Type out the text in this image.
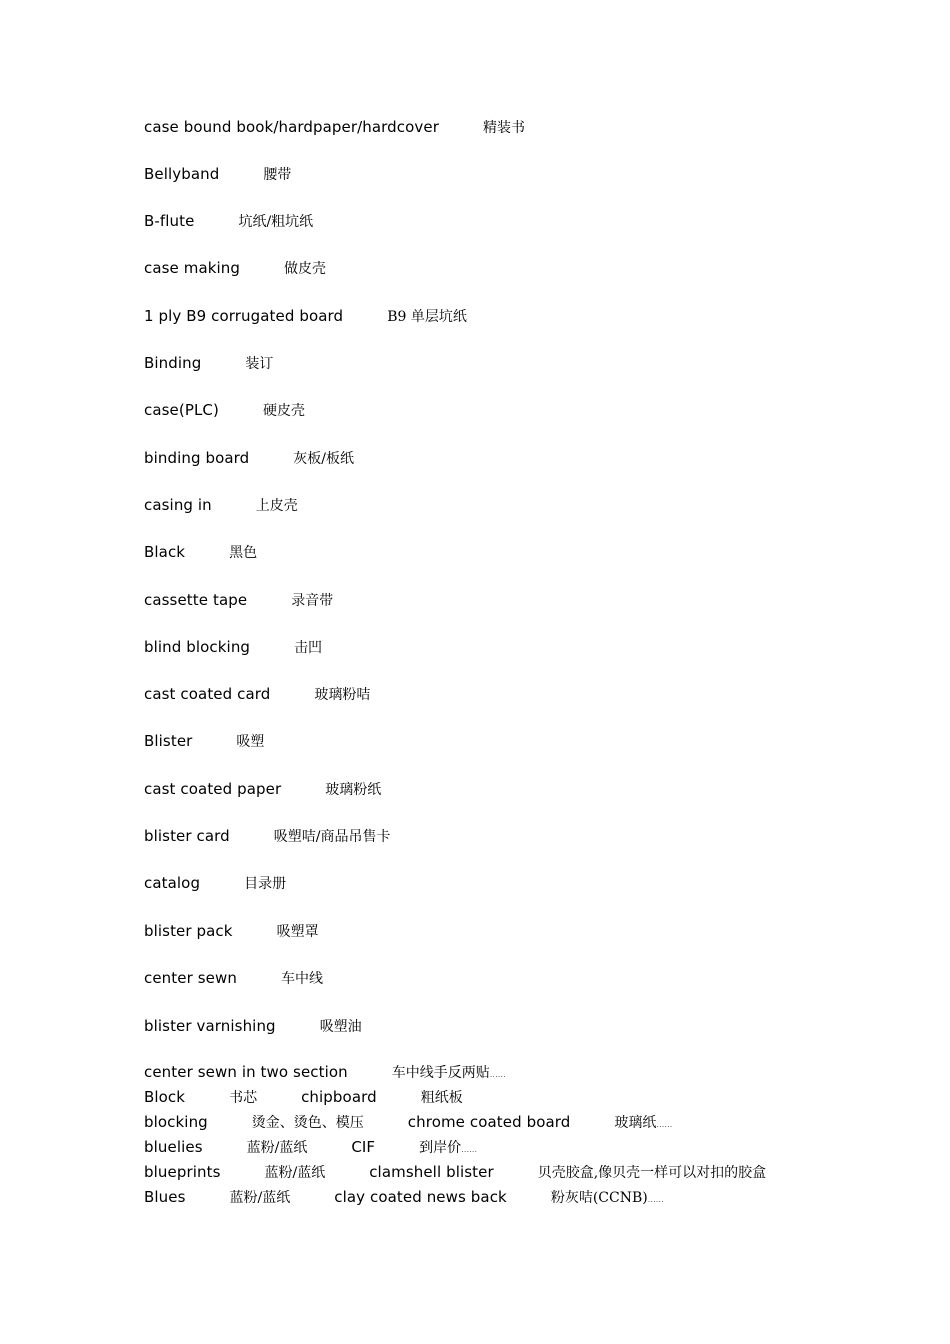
case bound book/hardpaper/hardcover	精装书
Bellyband	腰带
B-flute	坑纸/粗坑纸
case making	做皮壳
1 ply B9 corrugated board	B9 单层坑纸
Binding	装订
case(PLC)	硬皮壳
binding board	灰板/板纸
casing in	上皮壳
Black	黑色
cassette tape	录音带
blind blocking	击凹
cast coated card	玻璃粉咭
Blister	吸塑
cast coated paper	玻璃粉纸
blister card	吸塑咭/商品吊售卡
catalog	目录册
blister pack	吸塑罩
center sewn	车中线
blister varnishing	吸塑油
center sewn in two section	车中线手反两贴……
Block	书芯	chipboard	粗纸板
blocking	烫金、烫色、模压	chrome coated board	玻璃纸……
bluelies	蓝粉/蓝纸	CIF	到岸价……
blueprints	蓝粉/蓝纸	clamshell blister	贝壳胶盒,像贝壳一样可以对扣的胶盒
Blues	蓝粉/蓝纸	clay coated news back	粉灰咭(CCNB)……
